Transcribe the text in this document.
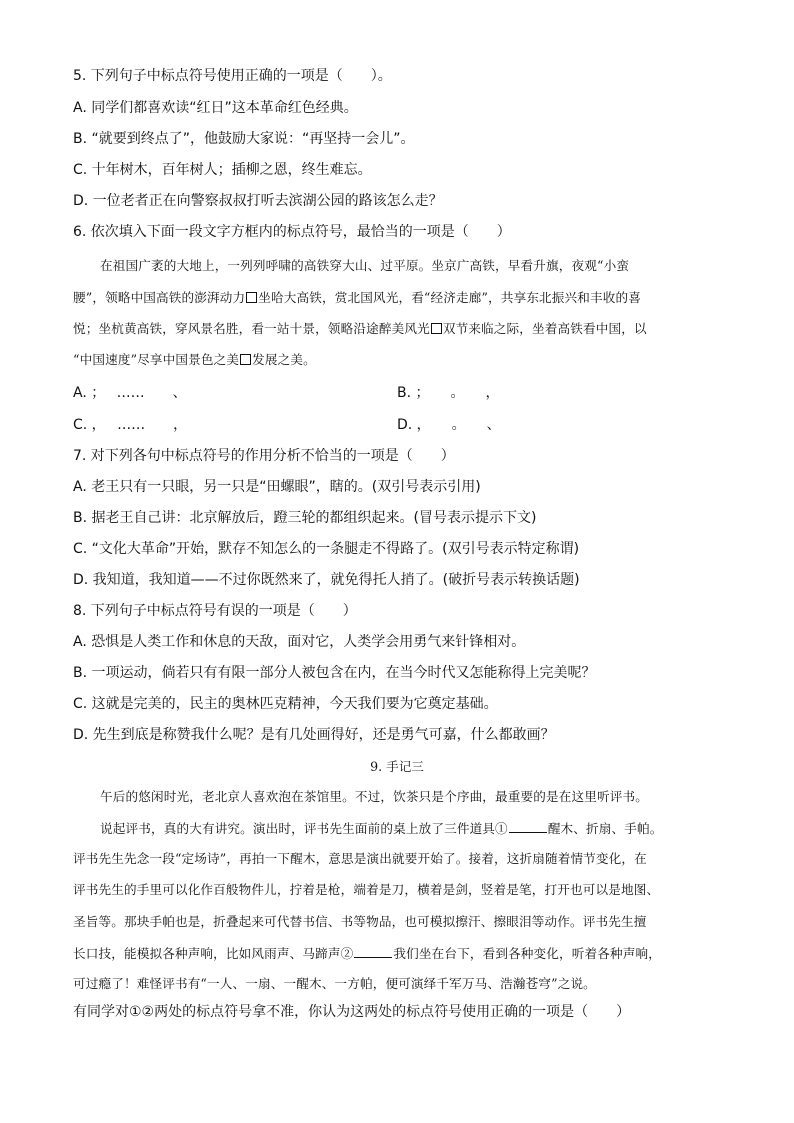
5. 下列句子中标点符号使用正确的一项是（　　）。
A. 同学们都喜欢读“红日”这本革命红色经典。
B. “就要到终点了”，他鼓励大家说：“再坚持一会儿”。
C. 十年树木，百年树人；插柳之恩，终生难忘。
D. 一位老者正在向警察叔叔打听去滨湖公园的路该怎么走？
6. 依次填入下面一段文字方框内的标点符号，最恰当的一项是（　　）
在祖国广袤的大地上，一列列呼啸的高铁穿大山、过平原。坐京广高铁，早看升旗，夜观“小蛮
腰”，领略中国高铁的澎湃动力 坐哈大高铁，赏北国风光，看“经济走廊”，共享东北振兴和丰收的喜
悦；坐杭黄高铁，穿风景名胜，看一站十景，领略沿途醉美风光 双节来临之际，坐着高铁看中国，以
“中国速度”尽享中国景色之美 发展之美。
A. ；　 ……　　、	B. ；　　。　　，
C. ，　 ……　　，	D. ，　　。　　、
7. 对下列各句中标点符号的作用分析不恰当的一项是（　　）
A. 老王只有一只眼，另一只是“田螺眼”，瞎的。(双引号表示引用)
B. 据老王自己讲：北京解放后，蹬三轮的都组织起来。(冒号表示提示下文)
C. “文化大革命”开始，默存不知怎么的一条腿走不得路了。(双引号表示特定称谓)
D. 我知道，我知道——不过你既然来了，就免得托人捎了。(破折号表示转换话题)
8. 下列句子中标点符号有误的一项是（　　）
A. 恐惧是人类工作和休息的天敌，面对它，人类学会用勇气来针锋相对。
B. 一项运动，倘若只有有限一部分人被包含在内，在当今时代又怎能称得上完美呢？
C. 这就是完美的，民主的奥林匹克精神，今天我们要为它奠定基础。
D. 先生到底是称赞我什么呢？是有几处画得好，还是勇气可嘉，什么都敢画？
9. 手记三
午后的悠闲时光，老北京人喜欢泡在茶馆里。不过，饮茶只是个序曲，最重要的是在这里听评书。
说起评书，真的大有讲究。演出时，评书先生面前的桌上放了三件道具①	醒木、折扇、手帕。
评书先生先念一段“定场诗”，再拍一下醒木，意思是演出就要开始了。接着，这折扇随着情节变化，在
评书先生的手里可以化作百般物件儿，拧着是枪，端着是刀，横着是剑，竖着是笔，打开也可以是地图、
圣旨等。那块手帕也是，折叠起来可代替书信、书等物品，也可模拟擦汗、擦眼泪等动作。评书先生擅
长口技，能模拟各种声响，比如风雨声、马蹄声②	我们坐在台下，看到各种变化，听着各种声响，
可过瘾了！难怪评书有“一人、一扇、一醒木、一方帕，便可演绎千军万马、浩瀚苍穹”之说。
有同学对①②两处的标点符号拿不准，你认为这两处的标点符号使用正确的一项是（　　）
